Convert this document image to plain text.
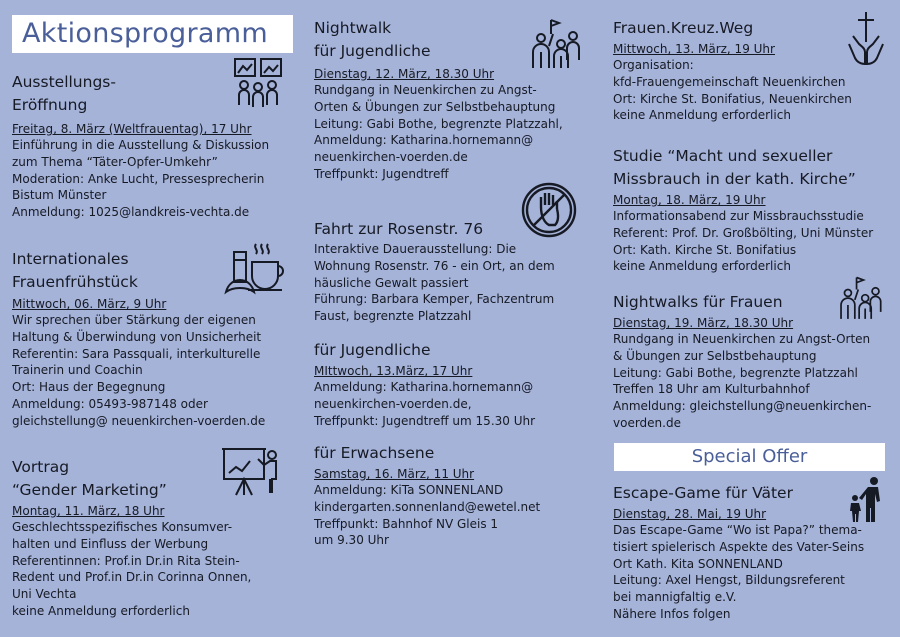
Aktionsprogramm
Special Offer
Ausstellungs-
Eröffnung
Freitag, 8. März (Weltfrauentag), 17 Uhr
Einführung in die Ausstellung & Diskussion
zum Thema “Täter-Opfer-Umkehr”
Moderation: Anke Lucht, Pressesprecherin
Bistum Münster
Anmeldung: 1025@landkreis-vechta.de
Internationales
Frauenfrühstück
Mittwoch, 06. März, 9 Uhr
Wir sprechen über Stärkung der eigenen
Haltung & Überwindung von Unsicherheit
Referentin: Sara Passquali, interkulturelle
Trainerin und Coachin
Ort: Haus der Begegnung
Anmeldung: 05493-987148 oder
gleichstellung@ neuenkirchen-voerden.de
Vortrag
“Gender Marketing”
Montag, 11. März, 18 Uhr
Geschlechtsspezifisches Konsumver-
halten und Einfluss der Werbung
Referentinnen: Prof.in Dr.in Rita Stein-
Redent und Prof.in Dr.in Corinna Onnen,
Uni Vechta
keine Anmeldung erforderlich
Nightwalk
für Jugendliche
Dienstag, 12. März, 18.30 Uhr
Rundgang in Neuenkirchen zu Angst-
Orten & Übungen zur Selbstbehauptung
Leitung: Gabi Bothe, begrenzte Platzzahl,
Anmeldung: Katharina.hornemann@
neuenkirchen-voerden.de
Treffpunkt: Jugendtreff
Fahrt zur Rosenstr. 76
Interaktive Dauerausstellung: Die
Wohnung Rosenstr. 76 - ein Ort, an dem
häusliche Gewalt passiert
Führung: Barbara Kemper, Fachzentrum
Faust, begrenzte Platzzahl
für Jugendliche
MIttwoch, 13.März, 17 Uhr
Anmeldung: Katharina.hornemann@
neuenkirchen-voerden.de,
Treffpunkt: Jugendtreff um 15.30 Uhr
für Erwachsene
Samstag, 16. März, 11 Uhr
Anmeldung: KiTa SONNENLAND
kindergarten.sonnenland@ewetel.net
Treffpunkt: Bahnhof NV Gleis 1
um 9.30 Uhr
Frauen.Kreuz.Weg
Mittwoch, 13. März, 19 Uhr
Organisation:
kfd-Frauengemeinschaft Neuenkirchen
Ort: Kirche St. Bonifatius, Neuenkirchen
keine Anmeldung erforderlich
Studie “Macht und sexueller
Missbrauch in der kath. Kirche”
Montag, 18. März, 19 Uhr
Informationsabend zur Missbrauchsstudie
Referent: Prof. Dr. Großbölting, Uni Münster
Ort: Kath. Kirche St. Bonifatius
keine Anmeldung erforderlich
Nightwalks für Frauen
Dienstag, 19. März, 18.30 Uhr
Rundgang in Neuenkirchen zu Angst-Orten
& Übungen zur Selbstbehauptung
Leitung: Gabi Bothe, begrenzte Platzzahl
Treffen 18 Uhr am Kulturbahnhof
Anmeldung: gleichstellung@neuenkirchen-
voerden.de
Escape-Game für Väter
Dienstag, 28. Mai, 19 Uhr
Das Escape-Game “Wo ist Papa?” thema-
tisiert spielerisch Aspekte des Vater-Seins
Ort Kath. Kita SONNENLAND
Leitung: Axel Hengst, Bildungsreferent
bei mannigfaltig e.V.
Nähere Infos folgen
